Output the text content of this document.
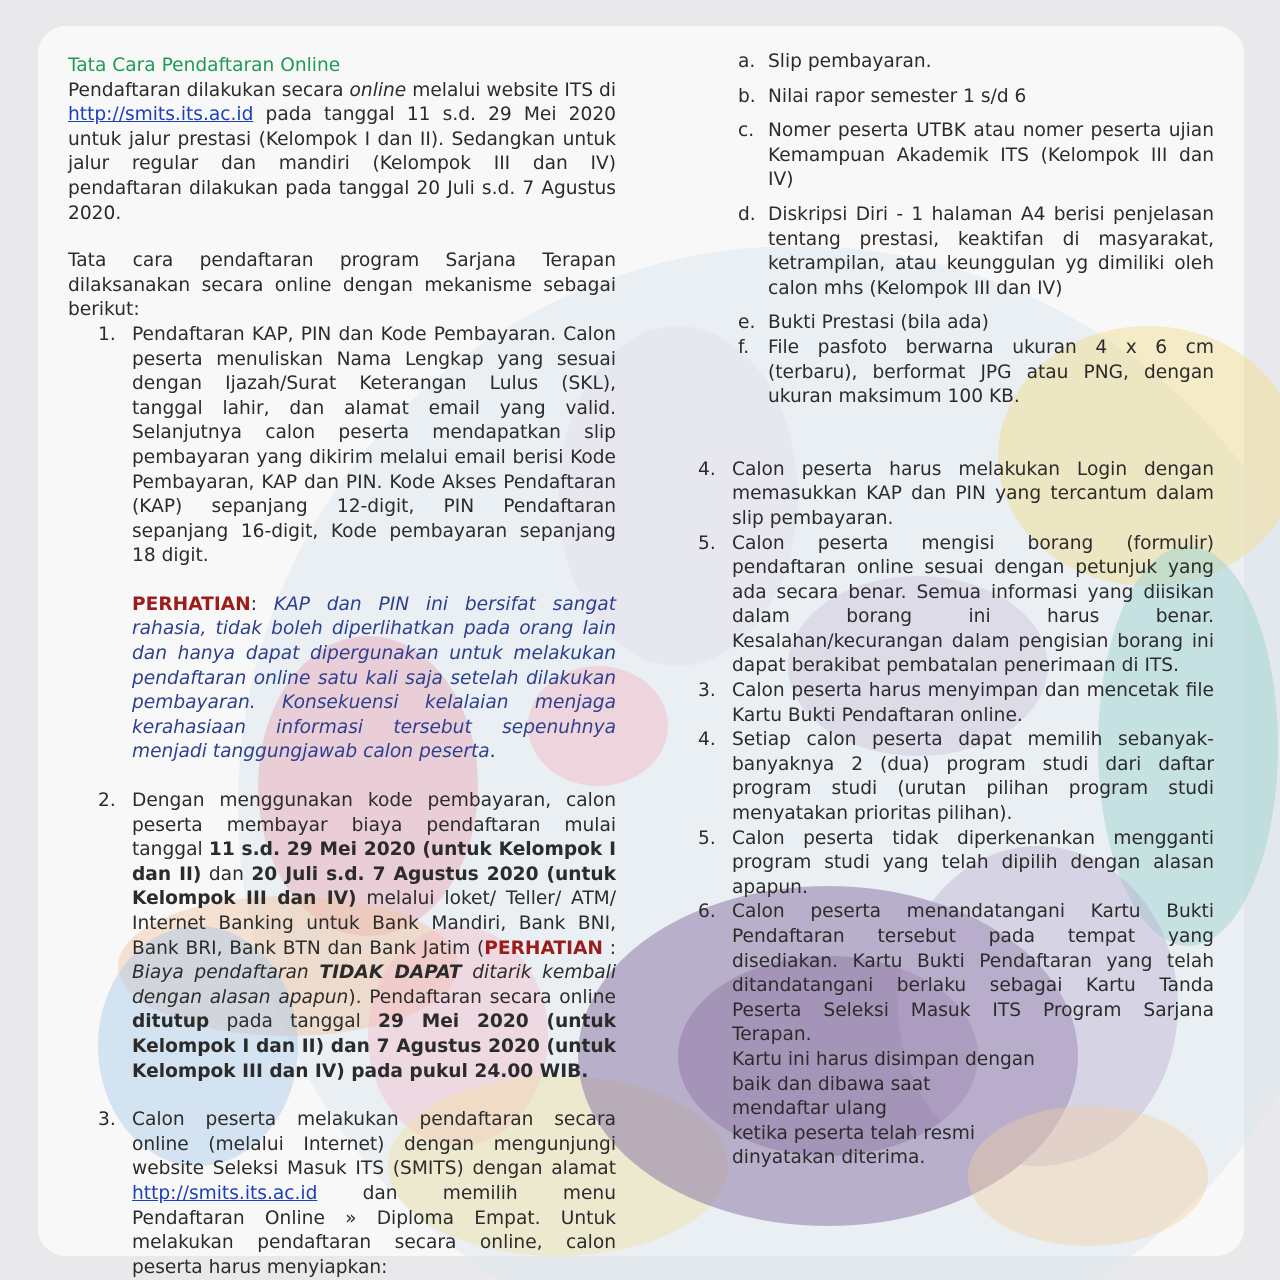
Tata Cara Pendaftaran Online

Pendaftaran dilakukan secara online melalui website ITS di http://smits.its.ac.id pada tanggal 11 s.d. 29 Mei 2020 untuk jalur prestasi (Kelompok I dan II). Sedangkan untuk jalur regular dan mandiri (Kelompok III dan IV) pendaftaran dilakukan pada tanggal 20 Juli s.d. 7 Agustus 2020.

Tata cara pendaftaran program Sarjana Terapan dilaksanakan secara online dengan mekanisme sebagai berikut:

1. Pendaftaran KAP, PIN dan Kode Pembayaran. Calon peserta menuliskan Nama Lengkap yang sesuai dengan Ijazah/Surat Keterangan Lulus (SKL), tanggal lahir, dan alamat email yang valid. Selanjutnya calon peserta mendapatkan slip pembayaran yang dikirim melalui email berisi Kode Pembayaran, KAP dan PIN. Kode Akses Pendaftaran (KAP) sepanjang 12-digit, PIN Pendaftaran sepanjang 16-digit, Kode pembayaran sepanjang 18 digit.

PERHATIAN: KAP dan PIN ini bersifat sangat rahasia, tidak boleh diperlihatkan pada orang lain dan hanya dapat dipergunakan untuk melakukan pendaftaran online satu kali saja setelah dilakukan pembayaran. Konsekuensi kelalaian menjaga kerahasiaan informasi tersebut sepenuhnya menjadi tanggungjawab calon peserta.

2. Dengan menggunakan kode pembayaran, calon peserta membayar biaya pendaftaran mulai tanggal 11 s.d. 29 Mei 2020 (untuk Kelompok I dan II) dan 20 Juli s.d. 7 Agustus 2020 (untuk Kelompok III dan IV) melalui loket/ Teller/ ATM/ Internet Banking untuk Bank Mandiri, Bank BNI, Bank BRI, Bank BTN dan Bank Jatim (PERHATIAN : Biaya pendaftaran TIDAK DAPAT ditarik kembali dengan alasan apapun). Pendaftaran secara online ditutup pada tanggal 29 Mei 2020 (untuk Kelompok I dan II) dan 7 Agustus 2020 (untuk Kelompok III dan IV) pada pukul 24.00 WIB.

3. Calon peserta melakukan pendaftaran secara online (melalui Internet) dengan mengunjungi website Seleksi Masuk ITS (SMITS) dengan alamat http://smits.its.ac.id dan memilih menu Pendaftaran Online » Diploma Empat. Untuk melakukan pendaftaran secara online, calon peserta harus menyiapkan:

a. Slip pembayaran.

b. Nilai rapor semester 1 s/d 6

c. Nomer peserta UTBK atau nomer peserta ujian Kemampuan Akademik ITS (Kelompok III dan IV)

d. Diskripsi Diri - 1 halaman A4 berisi penjelasan tentang prestasi, keaktifan di masyarakat, ketrampilan, atau keunggulan yg dimiliki oleh calon mhs (Kelompok III dan IV)

e. Bukti Prestasi (bila ada)

f. File pasfoto berwarna ukuran 4 x 6 cm (terbaru), berformat JPG atau PNG, dengan ukuran maksimum 100 KB.

4. Calon peserta harus melakukan Login dengan memasukkan KAP dan PIN yang tercantum dalam slip pembayaran.

5. Calon peserta mengisi borang (formulir) pendaftaran online sesuai dengan petunjuk yang ada secara benar. Semua informasi yang diisikan dalam borang ini harus benar. Kesalahan/kecurangan dalam pengisian borang ini dapat berakibat pembatalan penerimaan di ITS.

3. Calon peserta harus menyimpan dan mencetak file Kartu Bukti Pendaftaran online.

4. Setiap calon peserta dapat memilih sebanyak-banyaknya 2 (dua) program studi dari daftar program studi (urutan pilihan program studi menyatakan prioritas pilihan).

5. Calon peserta tidak diperkenankan mengganti program studi yang telah dipilih dengan alasan apapun.

6. Calon peserta menandatangani Kartu Bukti Pendaftaran tersebut pada tempat yang disediakan. Kartu Bukti Pendaftaran yang telah ditandatangani berlaku sebagai Kartu Tanda Peserta Seleksi Masuk ITS Program Sarjana Terapan.

Kartu ini harus disimpan dengan
baik dan dibawa saat
mendaftar ulang
ketika peserta telah resmi
dinyatakan diterima.
